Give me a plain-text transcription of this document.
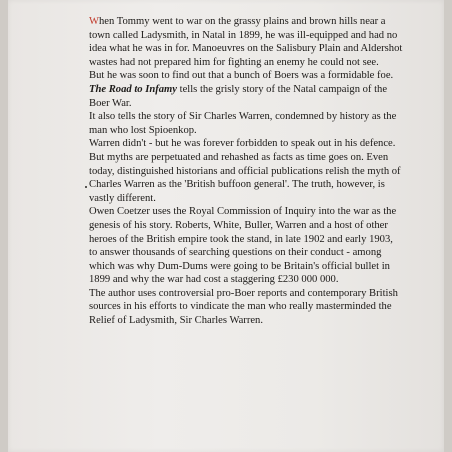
When Tommy went to war on the grassy plains and brown hills near a town called Ladysmith, in Natal in 1899, he was ill-equipped and had no idea what he was in for. Manoeuvres on the Salisbury Plain and Aldershot wastes had not prepared him for fighting an enemy he could not see.

But he was soon to find out that a bunch of Boers was a formidable foe.

The Road to Infamy tells the grisly story of the Natal campaign of the Boer War.

It also tells the story of Sir Charles Warren, condemned by history as the man who lost Spioenkop.

Warren didn't - but he was forever forbidden to speak out in his defence. But myths are perpetuated and rehashed as facts as time goes on. Even today, distinguished historians and official publications relish the myth of Charles Warren as the 'British buffoon general'. The truth, however, is vastly different.

Owen Coetzer uses the Royal Commission of Inquiry into the war as the genesis of his story. Roberts, White, Buller, Warren and a host of other heroes of the British empire took the stand, in late 1902 and early 1903, to answer thousands of searching questions on their conduct - among which was why Dum-Dums were going to be Britain's official bullet in 1899 and why the war had cost a staggering £230 000 000.

The author uses controversial pro-Boer reports and contemporary British sources in his efforts to vindicate the man who really masterminded the Relief of Ladysmith, Sir Charles Warren.
